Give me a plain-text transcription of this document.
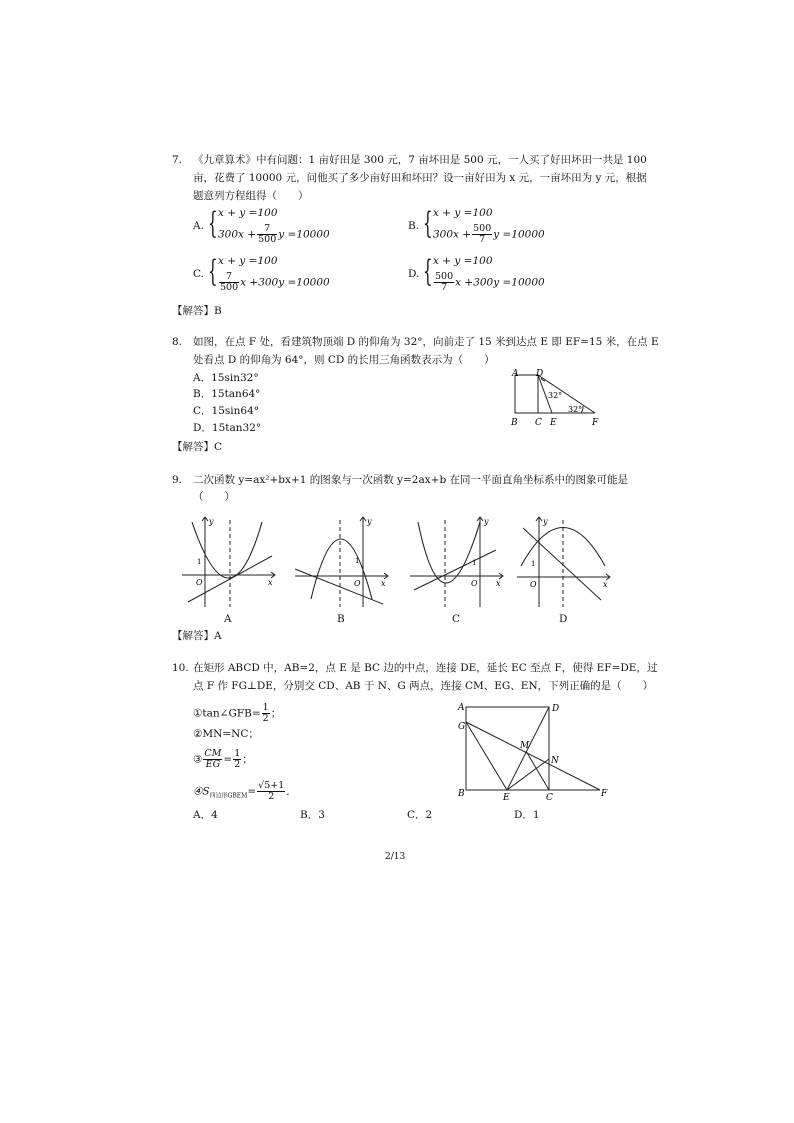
7. 《九章算术》中有问题：1 亩好田是 300 元，7 亩坏田是 500 元，一人买了好田坏田一共是 100
亩，花费了 10000 元，问他买了多少亩好田和坏田？设一亩好田为 x 元，一亩坏田为 y 元，根据
题意列方程组得（　　）
A. { x + y =100
$300x + \frac{7}{500}$ y =10000
B. { x + y =100
$300x + \frac{500}{7}$ y =10000
C. { x + y =100
$\frac{7}{500}$ x +300y =10000
D. { x + y =100
$\frac{500}{7}$ x +300y =10000
【解答】B
8. 如图，在点 F 处，看建筑物顶端 D 的仰角为 32°，向前走了 15 米到达点 E 即 EF=15 米，在点 E
处看点 D 的仰角为 64°，则 CD 的长用三角函数表示为（　　）
A．15sin32°
B．15tan64°
C．15sin64°
D．15tan32°
【解答】C
A D
32°
32°
B C E	F
9. 二次函数 y=ax²+bx+1 的图象与一次函数 y=2ax+b 在同一平面直角坐标系中的图象可能是
（　　）
y
x
O
1
A
y
x
O
1
B
y
x
O
1
C
y
x
O
1
D
【解答】A
10. 在矩形 ABCD 中，AB=2，点 E 是 BC 边的中点，连接 DE，延长 EC 至点 F，使得 EF=DE，过
点 F 作 FG⊥DE，分别交 CD、AB 于 N、G 两点，连接 CM、EG、EN，下列正确的是（　　）
①tan∠GFB= $\frac{1}{2}$ ；
②MN=NC；
③ $\frac{CM}{EG} = \frac{1}{2}$ ；
$④S_{四边形GBEM}= \frac{√5+1}{2}$ ．
A．4	B．3	C．2	D．1
A	D
G
M
N
B	E	C	F
2/13
